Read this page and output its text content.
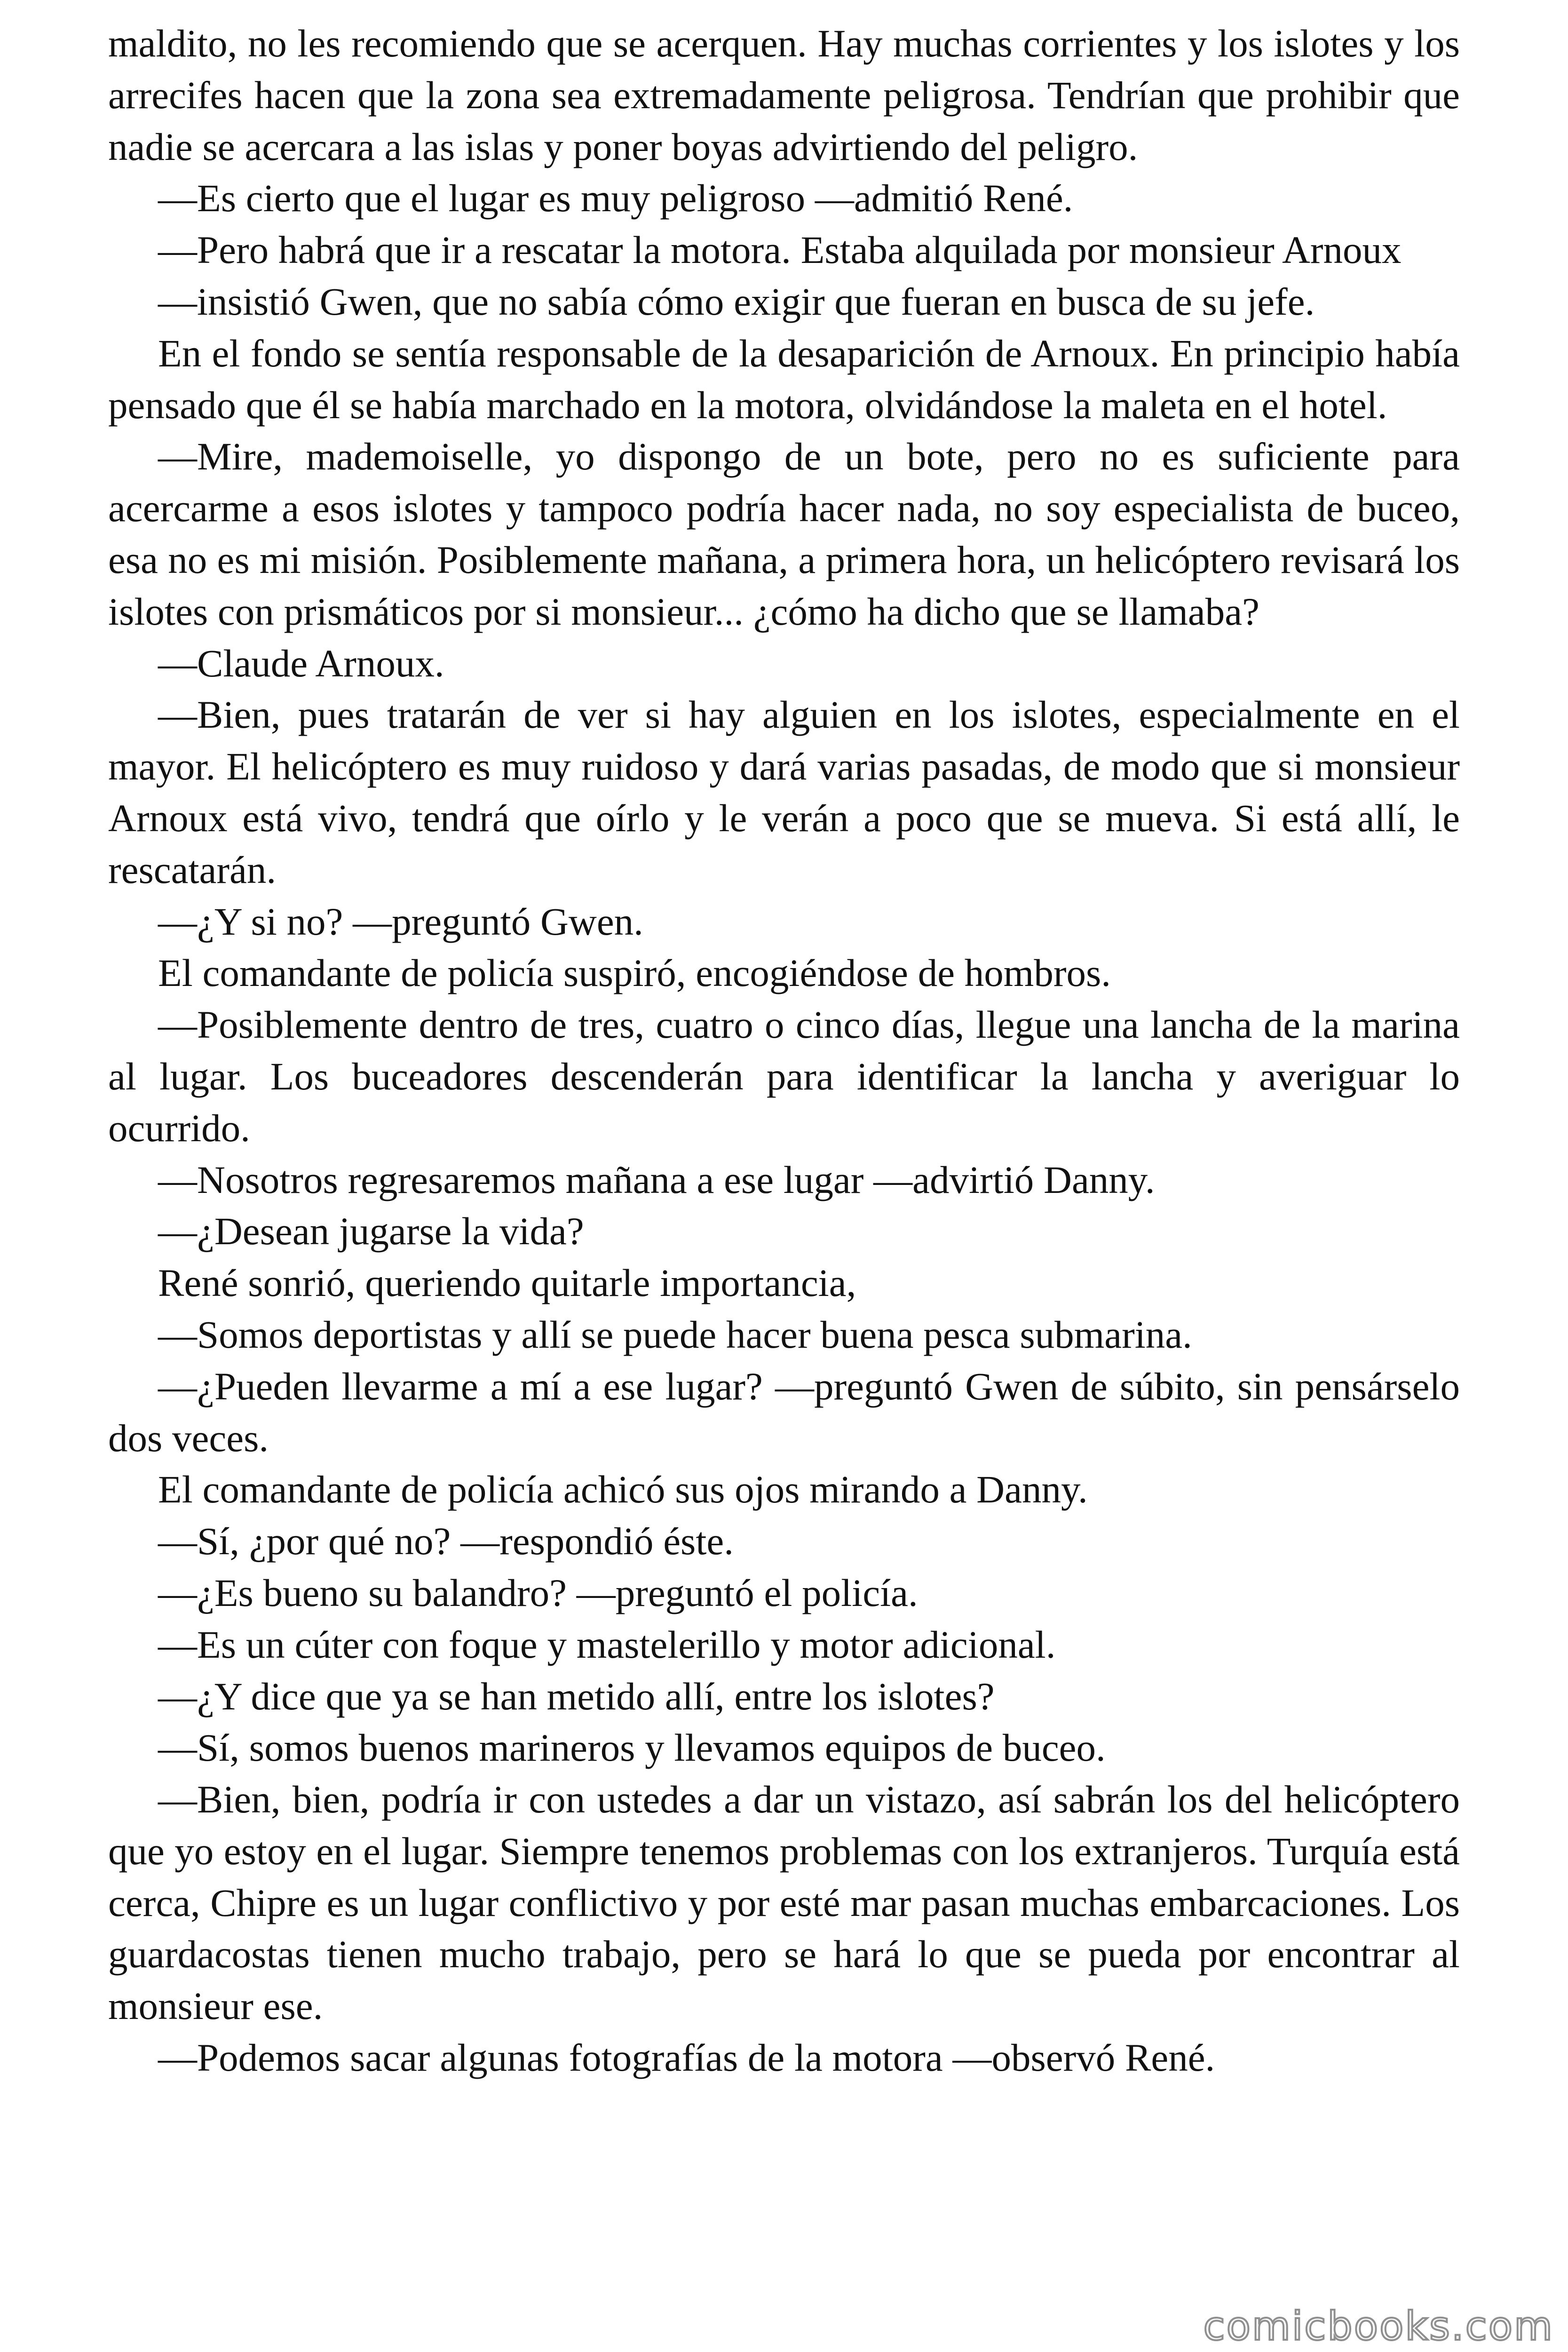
maldito, no les recomiendo que se acerquen. Hay muchas corrientes y los islotes y los arrecifes hacen que la zona sea extremadamente peligrosa. Tendrían que prohibir que nadie se acercara a las islas y poner boyas advirtiendo del peligro.

—Es cierto que el lugar es muy peligroso —admitió René.

—Pero habrá que ir a rescatar la motora. Estaba alquilada por monsieur Arnoux

—insistió Gwen, que no sabía cómo exigir que fueran en busca de su jefe.

En el fondo se sentía responsable de la desaparición de Arnoux. En principio había pensado que él se había marchado en la motora, olvidándose la maleta en el hotel.

—Mire, mademoiselle, yo dispongo de un bote, pero no es suficiente para acercarme a esos islotes y tampoco podría hacer nada, no soy especialista de buceo, esa no es mi misión. Posiblemente mañana, a primera hora, un helicóptero revisará los islotes con prismáticos por si monsieur... ¿cómo ha dicho que se llamaba?

—Claude Arnoux.

—Bien, pues tratarán de ver si hay alguien en los islotes, especialmente en el mayor. El helicóptero es muy ruidoso y dará varias pasadas, de modo que si monsieur Arnoux está vivo, tendrá que oírlo y le verán a poco que se mueva. Si está allí, le rescatarán.

—¿Y si no? —preguntó Gwen.

El comandante de policía suspiró, encogiéndose de hombros.

—Posiblemente dentro de tres, cuatro o cinco días, llegue una lancha de la marina al lugar. Los buceadores descenderán para identificar la lancha y averiguar lo ocurrido.

—Nosotros regresaremos mañana a ese lugar —advirtió Danny.

—¿Desean jugarse la vida?

René sonrió, queriendo quitarle importancia,

—Somos deportistas y allí se puede hacer buena pesca submarina.

—¿Pueden llevarme a mí a ese lugar? —preguntó Gwen de súbito, sin pensárselo dos veces.

El comandante de policía achicó sus ojos mirando a Danny.

—Sí, ¿por qué no? —respondió éste.

—¿Es bueno su balandro? —preguntó el policía.

—Es un cúter con foque y mastelerillo y motor adicional.

—¿Y dice que ya se han metido allí, entre los islotes?

—Sí, somos buenos marineros y llevamos equipos de buceo.

—Bien, bien, podría ir con ustedes a dar un vistazo, así sabrán los del helicóptero que yo estoy en el lugar. Siempre tenemos problemas con los extranjeros. Turquía está cerca, Chipre es un lugar conflictivo y por esté mar pasan muchas embarcaciones. Los guardacostas tienen mucho trabajo, pero se hará lo que se pueda por encontrar al monsieur ese.

—Podemos sacar algunas fotografías de la motora —observó René.

comicbooks.com
